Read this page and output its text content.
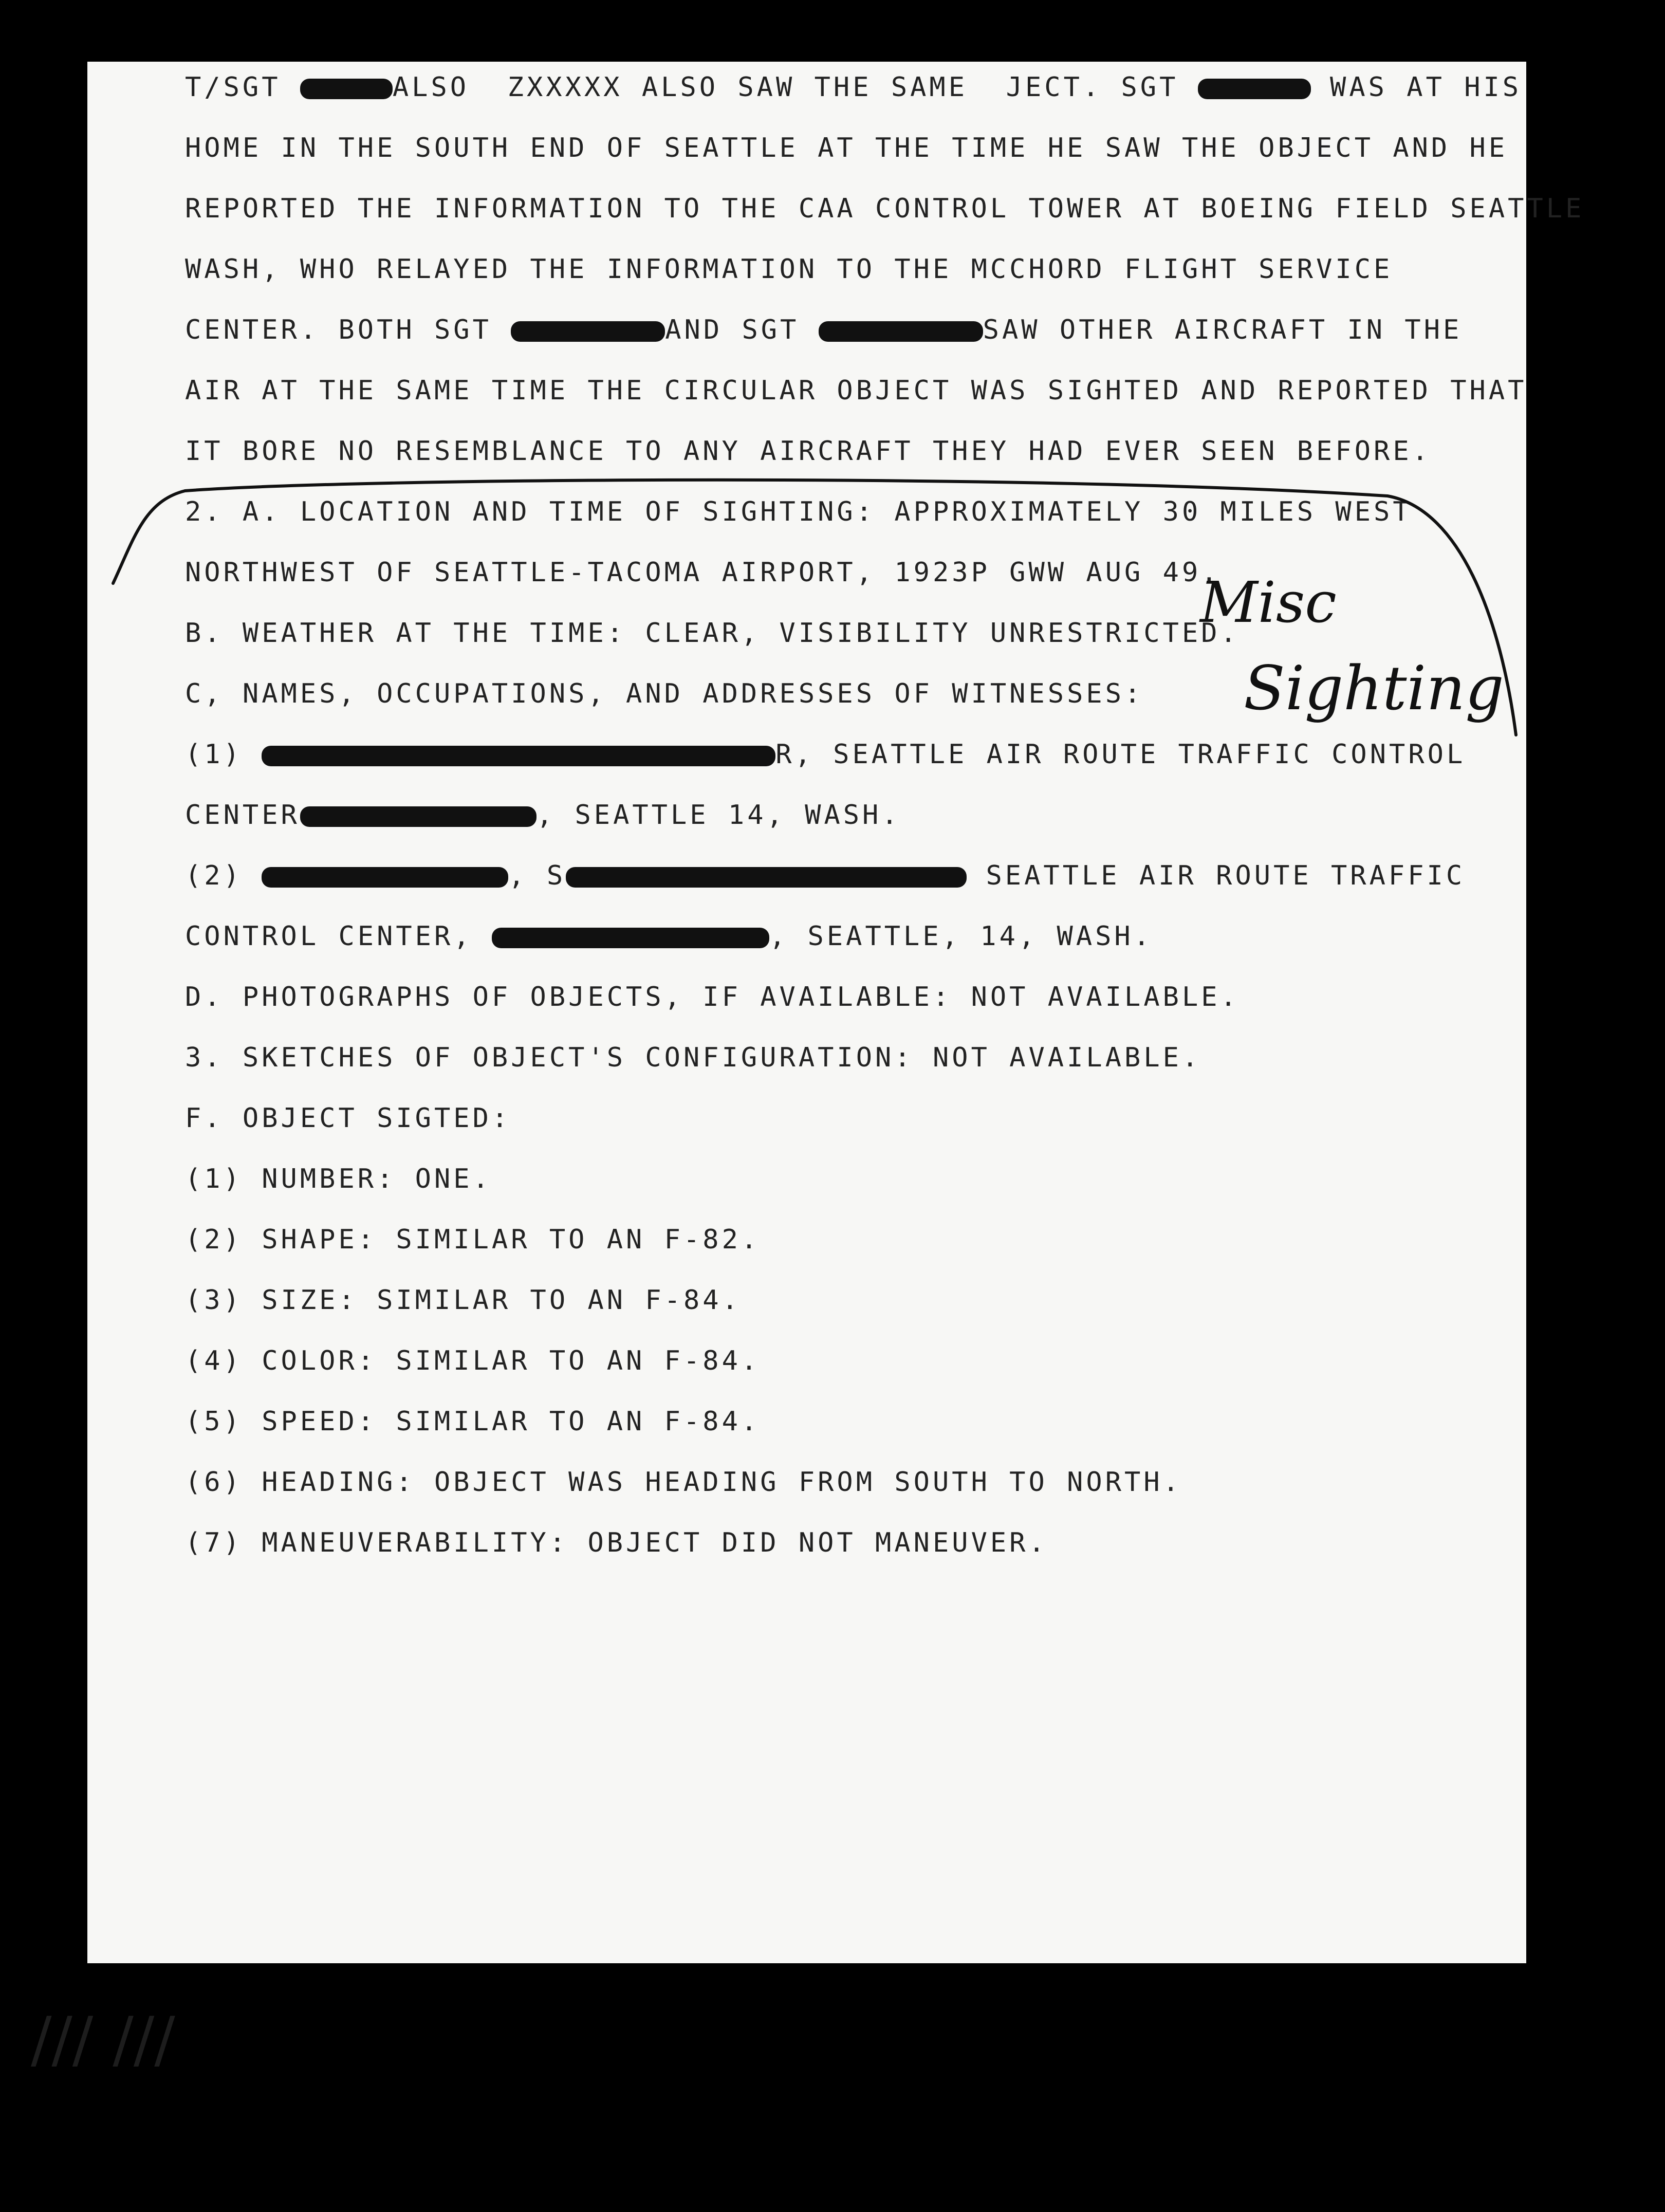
T/SGT	ALSO  ZXXXXX ALSO SAW THE SAME  JECT. SGT	WAS AT HIS
HOME IN THE SOUTH END OF SEATTLE AT THE TIME HE SAW THE OBJECT AND HE
REPORTED THE INFORMATION TO THE CAA CONTROL TOWER AT BOEING FIELD SEATTLE
WASH, WHO RELAYED THE INFORMATION TO THE MCCHORD FLIGHT SERVICE
CENTER. BOTH SGT	AND SGT	SAW OTHER AIRCRAFT IN THE
AIR AT THE SAME TIME THE CIRCULAR OBJECT WAS SIGHTED AND REPORTED THAT
IT BORE NO RESEMBLANCE TO ANY AIRCRAFT THEY HAD EVER SEEN BEFORE.
2. A. LOCATION AND TIME OF SIGHTING: APPROXIMATELY 30 MILES WEST
NORTHWEST OF SEATTLE-TACOMA AIRPORT, 1923P GWW AUG 49.
B. WEATHER AT THE TIME: CLEAR, VISIBILITY UNRESTRICTED.
C, NAMES, OCCUPATIONS, AND ADDRESSES OF WITNESSES:
(1)	R, SEATTLE AIR ROUTE TRAFFIC CONTROL
CENTER	, SEATTLE 14, WASH.
(2)	, S	SEATTLE AIR ROUTE TRAFFIC
CONTROL CENTER,	, SEATTLE, 14, WASH.
D. PHOTOGRAPHS OF OBJECTS, IF AVAILABLE: NOT AVAILABLE.
3. SKETCHES OF OBJECT'S CONFIGURATION: NOT AVAILABLE.
F. OBJECT SIGTED:
(1) NUMBER: ONE.
(2) SHAPE: SIMILAR TO AN F-82.
(3) SIZE: SIMILAR TO AN F-84.
(4) COLOR: SIMILAR TO AN F-84.
(5) SPEED: SIMILAR TO AN F-84.
(6) HEADING: OBJECT WAS HEADING FROM SOUTH TO NORTH.
(7) MANEUVERABILITY: OBJECT DID NOT MANEUVER.
Misc
Sighting
/// ///
